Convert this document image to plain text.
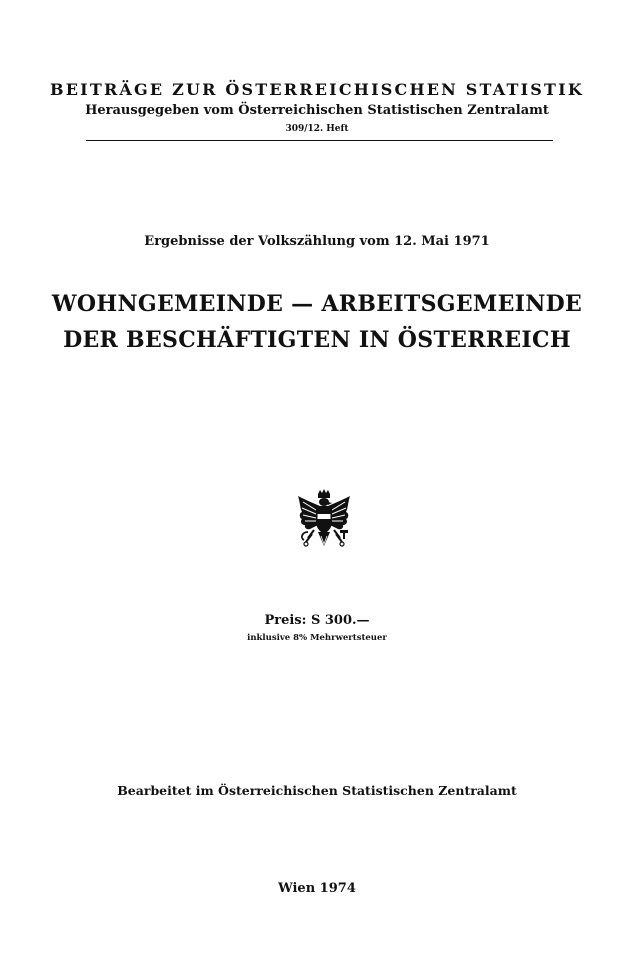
BEITRÄGE ZUR ÖSTERREICHISCHEN STATISTIK
Herausgegeben vom Österreichischen Statistischen Zentralamt
309/12. Heft
Ergebnisse der Volkszählung vom 12. Mai 1971
WOHNGEMEINDE — ARBEITSGEMEINDE
DER BESCHÄFTIGTEN IN ÖSTERREICH
Preis: S 300.—
inklusive 8% Mehrwertsteuer
Bearbeitet im Österreichischen Statistischen Zentralamt
Wien 1974
